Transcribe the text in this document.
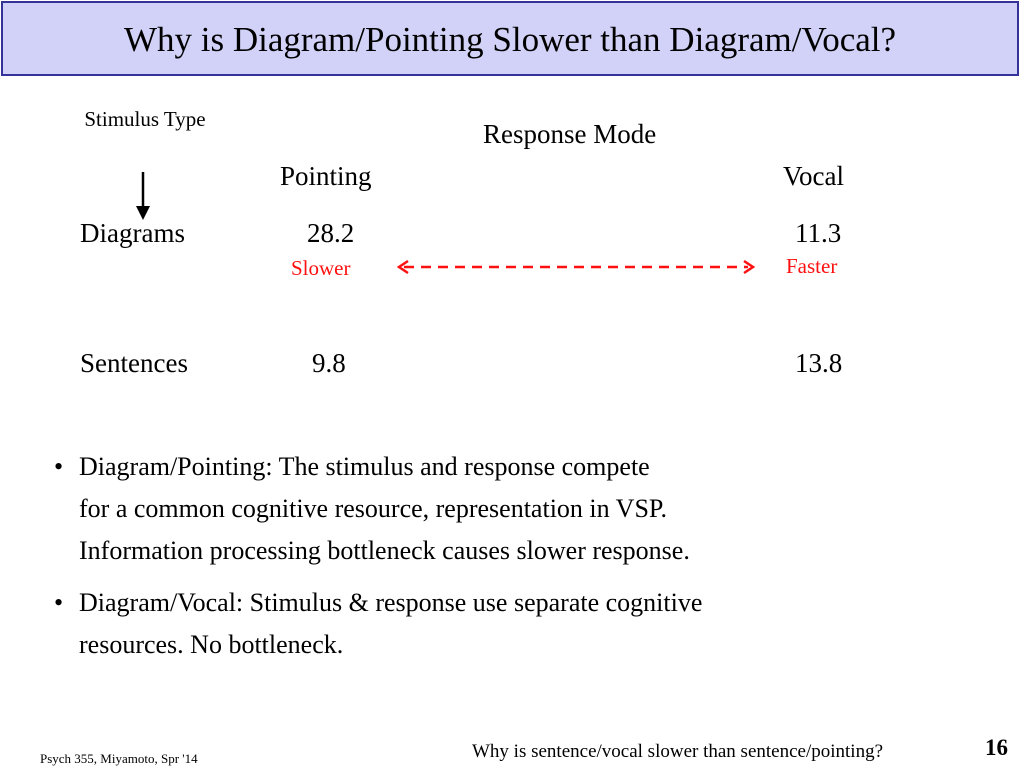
Why is Diagram/Pointing Slower than Diagram/Vocal?
Stimulus Type	Response Mode
Pointing	Vocal
Diagrams	28.2	11.3
Slower	Faster
Sentences	9.8	13.8
• Diagram/Pointing: The stimulus and response compete
for a common cognitive resource, representation in VSP.
Information processing bottleneck causes slower response.
• Diagram/Vocal: Stimulus & response use separate cognitive
resources. No bottleneck.
Psych 355, Miyamoto, Spr '14	Why is sentence/vocal slower than sentence/pointing?	16
